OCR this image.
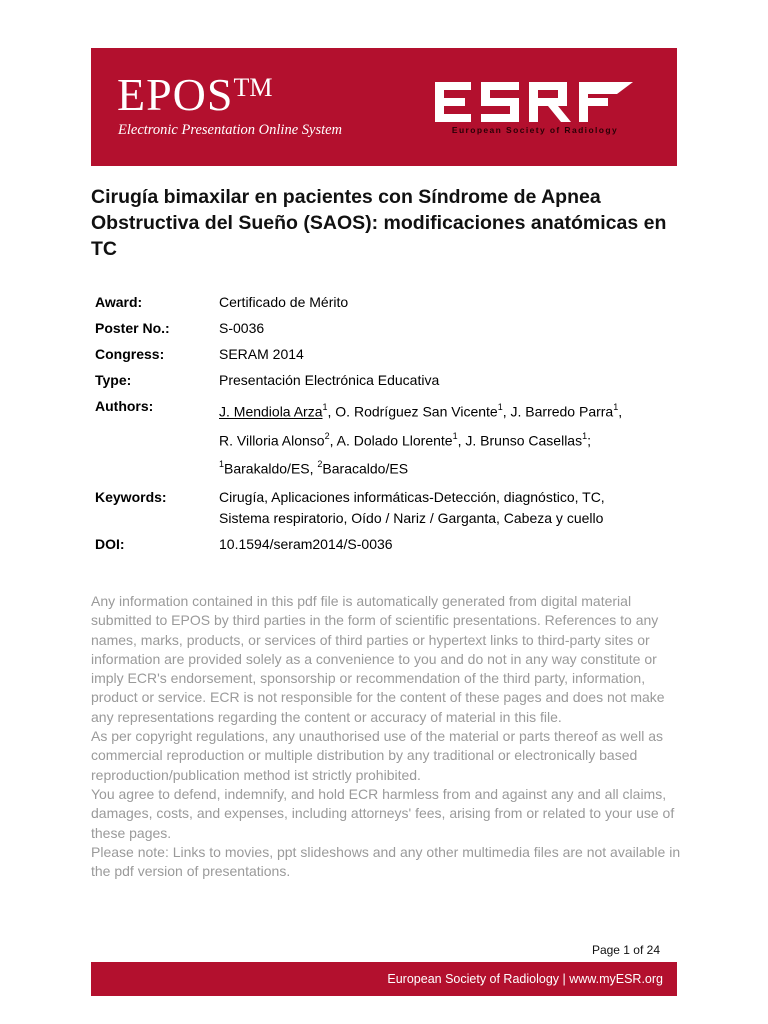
EPOS™
Electronic Presentation Online System	European Society of Radiology
Cirugía bimaxilar en pacientes con Síndrome de Apnea Obstructiva del Sueño (SAOS): modificaciones anatómicas en TC
Award:	Certificado de Mérito
Poster No.:	S-0036
Congress:	SERAM 2014
Type:	Presentación Electrónica Educativa
Authors:	J. Mendiola Arza$^1$, O. Rodríguez San Vicente$^1$, J. Barredo Parra$^1$,
R. Villoria Alonso$^2$, A. Dolado Llorente$^1$, J. Brunso Casellas$^1$;
$^1$Barakaldo/ES, $^2$Baracaldo/ES
Keywords:	Cirugía, Aplicaciones informáticas-Detección, diagnóstico, TC,
Sistema respiratorio, Oído / Nariz / Garganta, Cabeza y cuello
DOI:	10.1594/seram2014/S-0036

Any information contained in this pdf file is automatically generated from digital material submitted to EPOS by third parties in the form of scientific presentations. References to any names, marks, products, or services of third parties or hypertext links to third-party sites or information are provided solely as a convenience to you and do not in any way constitute or imply ECR's endorsement, sponsorship or recommendation of the third party, information, product or service. ECR is not responsible for the content of these pages and does not make any representations regarding the content or accuracy of material in this file.

As per copyright regulations, any unauthorised use of the material or parts thereof as well as commercial reproduction or multiple distribution by any traditional or electronically based reproduction/publication method ist strictly prohibited.

You agree to defend, indemnify, and hold ECR harmless from and against any and all claims, damages, costs, and expenses, including attorneys' fees, arising from or related to your use of these pages.

Please note: Links to movies, ppt slideshows and any other multimedia files are not available in the pdf version of presentations.

Page 1 of 24
European Society of Radiology | www.myESR.org
